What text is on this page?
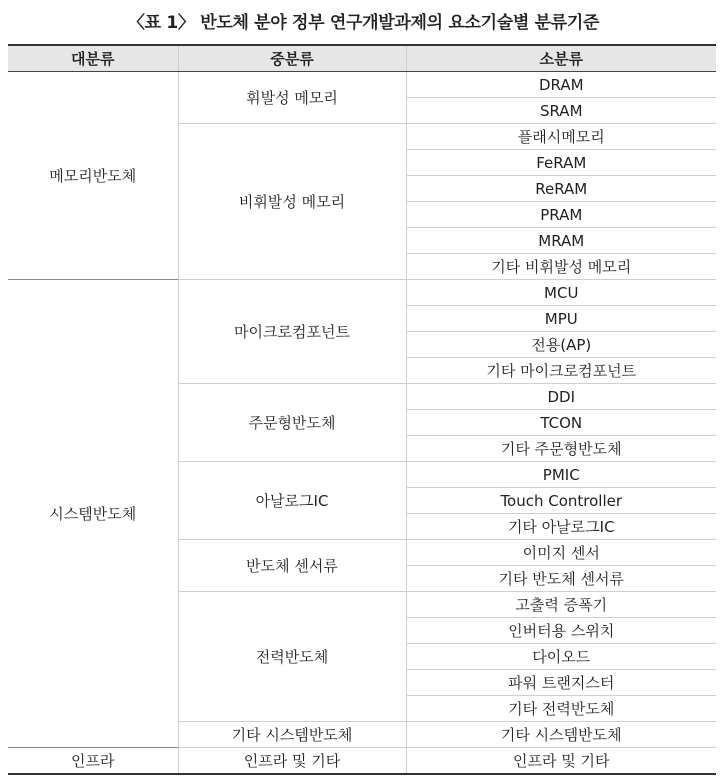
〈표 1〉 반도체 분야 정부 연구개발과제의 요소기술별 분류기준
대분류	중분류	소분류
메모리반도체	휘발성 메모리	DRAM
		SRAM
	비휘발성 메모리	플래시메모리
		FeRAM
		ReRAM
		PRAM
		MRAM
		기타 비휘발성 메모리
시스템반도체	마이크로컴포넌트	MCU
		MPU
		전용(AP)
		기타 마이크로컴포넌트
	주문형반도체	DDI
		TCON
		기타 주문형반도체
	아날로그IC	PMIC
		Touch Controller
		기타 아날로그IC
	반도체 센서류	이미지 센서
		기타 반도체 센서류
	전력반도체	고출력 증폭기
		인버터용 스위치
		다이오드
		파워 트랜지스터
		기타 전력반도체
	기타 시스템반도체	기타 시스템반도체
인프라	인프라 및 기타	인프라 및 기타
